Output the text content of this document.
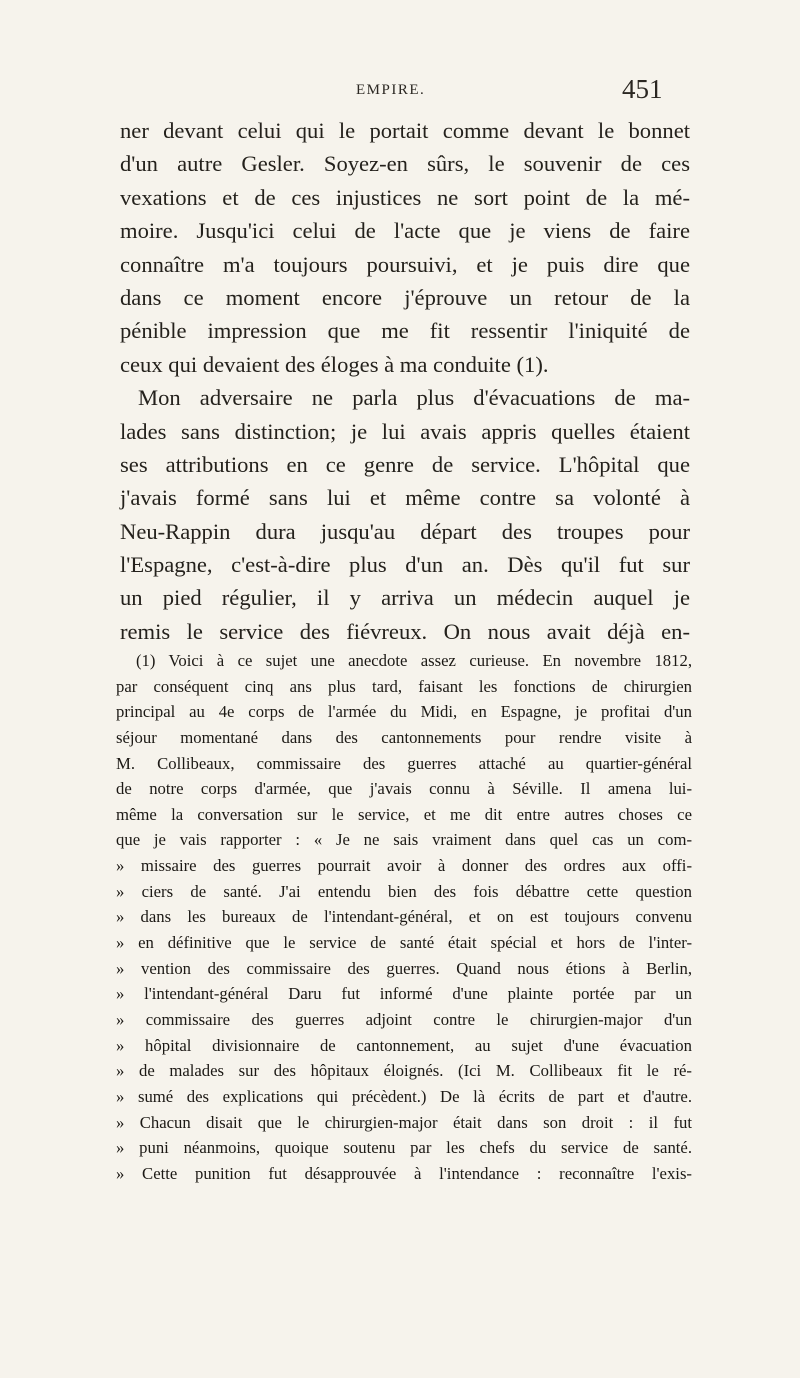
EMPIRE.	451
ner devant celui qui le portait comme devant le bonnet
d'un autre Gesler. Soyez-en sûrs, le souvenir de ces
vexations et de ces injustices ne sort point de la mé-
moire. Jusqu'ici celui de l'acte que je viens de faire
connaître m'a toujours poursuivi, et je puis dire que
dans ce moment encore j'éprouve un retour de la
pénible impression que me fit ressentir l'iniquité de
ceux qui devaient des éloges à ma conduite (1).
Mon adversaire ne parla plus d'évacuations de ma-
lades sans distinction; je lui avais appris quelles étaient
ses attributions en ce genre de service. L'hôpital que
j'avais formé sans lui et même contre sa volonté à
Neu-Rappin dura jusqu'au départ des troupes pour
l'Espagne, c'est-à-dire plus d'un an. Dès qu'il fut sur
un pied régulier, il y arriva un médecin auquel je
remis le service des fiévreux. On nous avait déjà en-
(1) Voici à ce sujet une anecdote assez curieuse. En novembre 1812,
par conséquent cinq ans plus tard, faisant les fonctions de chirurgien
principal au 4e corps de l'armée du Midi, en Espagne, je profitai d'un
séjour momentané dans des cantonnements pour rendre visite à
M. Collibeaux, commissaire des guerres attaché au quartier-général
de notre corps d'armée, que j'avais connu à Séville. Il amena lui-
même la conversation sur le service, et me dit entre autres choses ce
que je vais rapporter : « Je ne sais vraiment dans quel cas un com-
» missaire des guerres pourrait avoir à donner des ordres aux offi-
» ciers de santé. J'ai entendu bien des fois débattre cette question
» dans les bureaux de l'intendant-général, et on est toujours convenu
» en définitive que le service de santé était spécial et hors de l'inter-
» vention des commissaire des guerres. Quand nous étions à Berlin,
» l'intendant-général Daru fut informé d'une plainte portée par un
» commissaire des guerres adjoint contre le chirurgien-major d'un
» hôpital divisionnaire de cantonnement, au sujet d'une évacuation
» de malades sur des hôpitaux éloignés. (Ici M. Collibeaux fit le ré-
» sumé des explications qui précèdent.) De là écrits de part et d'autre.
» Chacun disait que le chirurgien-major était dans son droit : il fut
» puni néanmoins, quoique soutenu par les chefs du service de santé.
» Cette punition fut désapprouvée à l'intendance : reconnaître l'exis-
